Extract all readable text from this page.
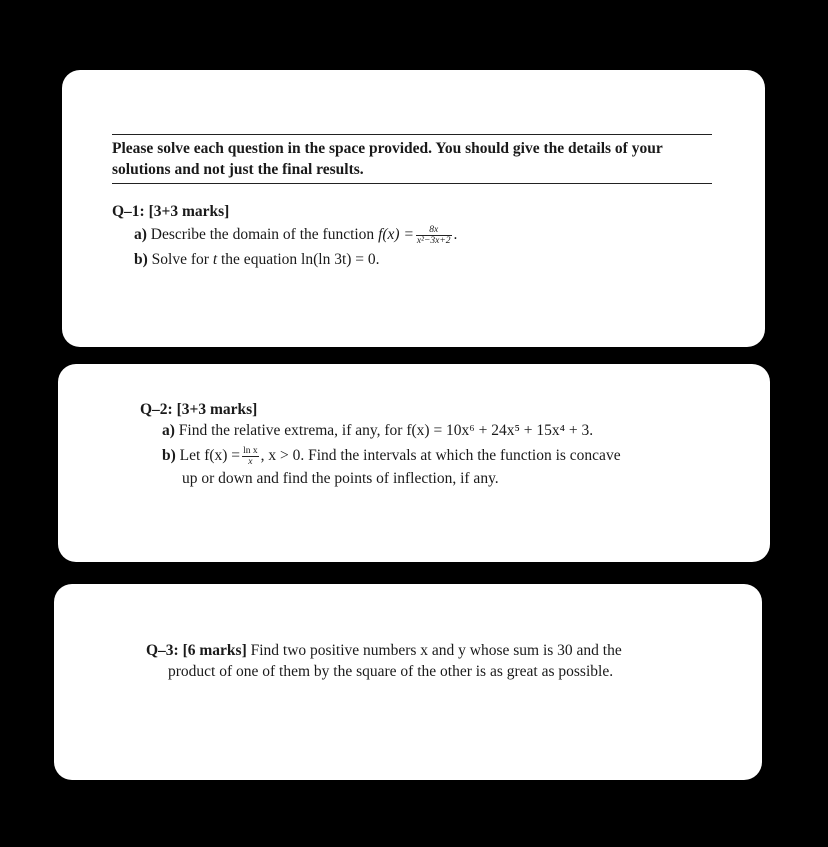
Please solve each question in the space provided. You should give the details of your solutions and not just the final results.
Q–1: [3+3 marks]
a) Describe the domain of the function $f(x) = \frac{8x}{\text{x²−3x+2}}$ .
b) Solve for t the equation ln(ln 3t) = 0.
Q–2: [3+3 marks]
a) Find the relative extrema, if any, for f(x) = 10x⁶ + 24x⁵ + 15x⁴ + 3.
b) Let $f(x) = \frac{\text{ln x}}{x}$ , x > 0. Find the intervals at which the function is concave
up or down and find the points of inflection, if any.
Q–3: [6 marks] Find two positive numbers x and y whose sum is 30 and the
product of one of them by the square of the other is as great as possible.
